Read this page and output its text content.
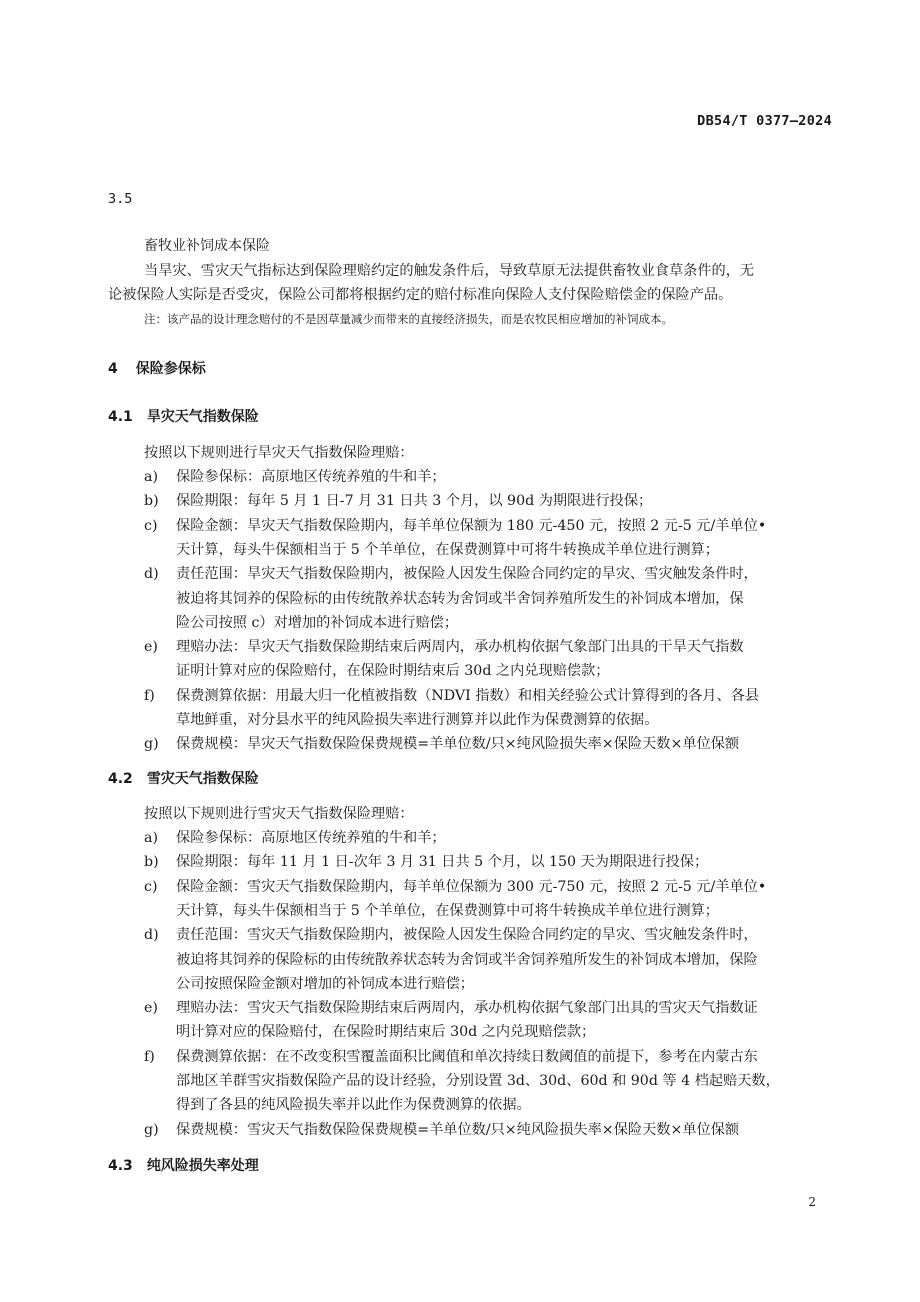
DB54/T 0377—2024
3.5
畜牧业补饲成本保险
当旱灾、雪灾天气指标达到保险理赔约定的触发条件后，导致草原无法提供畜牧业食草条件的，无
论被保险人实际是否受灾，保险公司都将根据约定的赔付标准向保险人支付保险赔偿金的保险产品。
注：该产品的设计理念赔付的不是因草量减少而带来的直接经济损失，而是农牧民相应增加的补饲成本。
4 保险参保标
4.1 旱灾天气指数保险
按照以下规则进行旱灾天气指数保险理赔：
a) 保险参保标：高原地区传统养殖的牛和羊；
b) 保险期限：每年 5 月 1 日-7 月 31 日共 3 个月，以 90d 为期限进行投保；
c) 保险金额：旱灾天气指数保险期内，每羊单位保额为 180 元-450 元，按照 2 元-5 元/羊单位•
天计算，每头牛保额相当于 5 个羊单位，在保费测算中可将牛转换成羊单位进行测算；
d) 责任范围：旱灾天气指数保险期内，被保险人因发生保险合同约定的旱灾、雪灾触发条件时，
被迫将其饲养的保险标的由传统散养状态转为舍饲或半舍饲养殖所发生的补饲成本增加，保
险公司按照 c）对增加的补饲成本进行赔偿；
e) 理赔办法：旱灾天气指数保险期结束后两周内，承办机构依据气象部门出具的干旱天气指数
证明计算对应的保险赔付，在保险时期结束后 30d 之内兑现赔偿款；
f) 保费测算依据：用最大归一化植被指数（NDVI 指数）和相关经验公式计算得到的各月、各县
草地鲜重，对分县水平的纯风险损失率进行测算并以此作为保费测算的依据。
g) 保费规模：旱灾天气指数保险保费规模=羊单位数/只×纯风险损失率×保险天数×单位保额
4.2 雪灾天气指数保险
按照以下规则进行雪灾天气指数保险理赔：
a) 保险参保标：高原地区传统养殖的牛和羊；
b) 保险期限：每年 11 月 1 日-次年 3 月 31 日共 5 个月，以 150 天为期限进行投保；
c) 保险金额：雪灾天气指数保险期内，每羊单位保额为 300 元-750 元，按照 2 元-5 元/羊单位•
天计算，每头牛保额相当于 5 个羊单位，在保费测算中可将牛转换成羊单位进行测算；
d) 责任范围：雪灾天气指数保险期内，被保险人因发生保险合同约定的旱灾、雪灾触发条件时，
被迫将其饲养的保险标的由传统散养状态转为舍饲或半舍饲养殖所发生的补饲成本增加，保险
公司按照保险金额对增加的补饲成本进行赔偿；
e) 理赔办法：雪灾天气指数保险期结束后两周内，承办机构依据气象部门出具的雪灾天气指数证
明计算对应的保险赔付，在保险时期结束后 30d 之内兑现赔偿款；
f) 保费测算依据：在不改变积雪覆盖面积比阈值和单次持续日数阈值的前提下，参考在内蒙古东
部地区羊群雪灾指数保险产品的设计经验，分别设置 3d、30d、60d 和 90d 等 4 档起赔天数，
得到了各县的纯风险损失率并以此作为保费测算的依据。
g) 保费规模：雪灾天气指数保险保费规模=羊单位数/只×纯风险损失率×保险天数×单位保额
4.3 纯风险损失率处理
2
